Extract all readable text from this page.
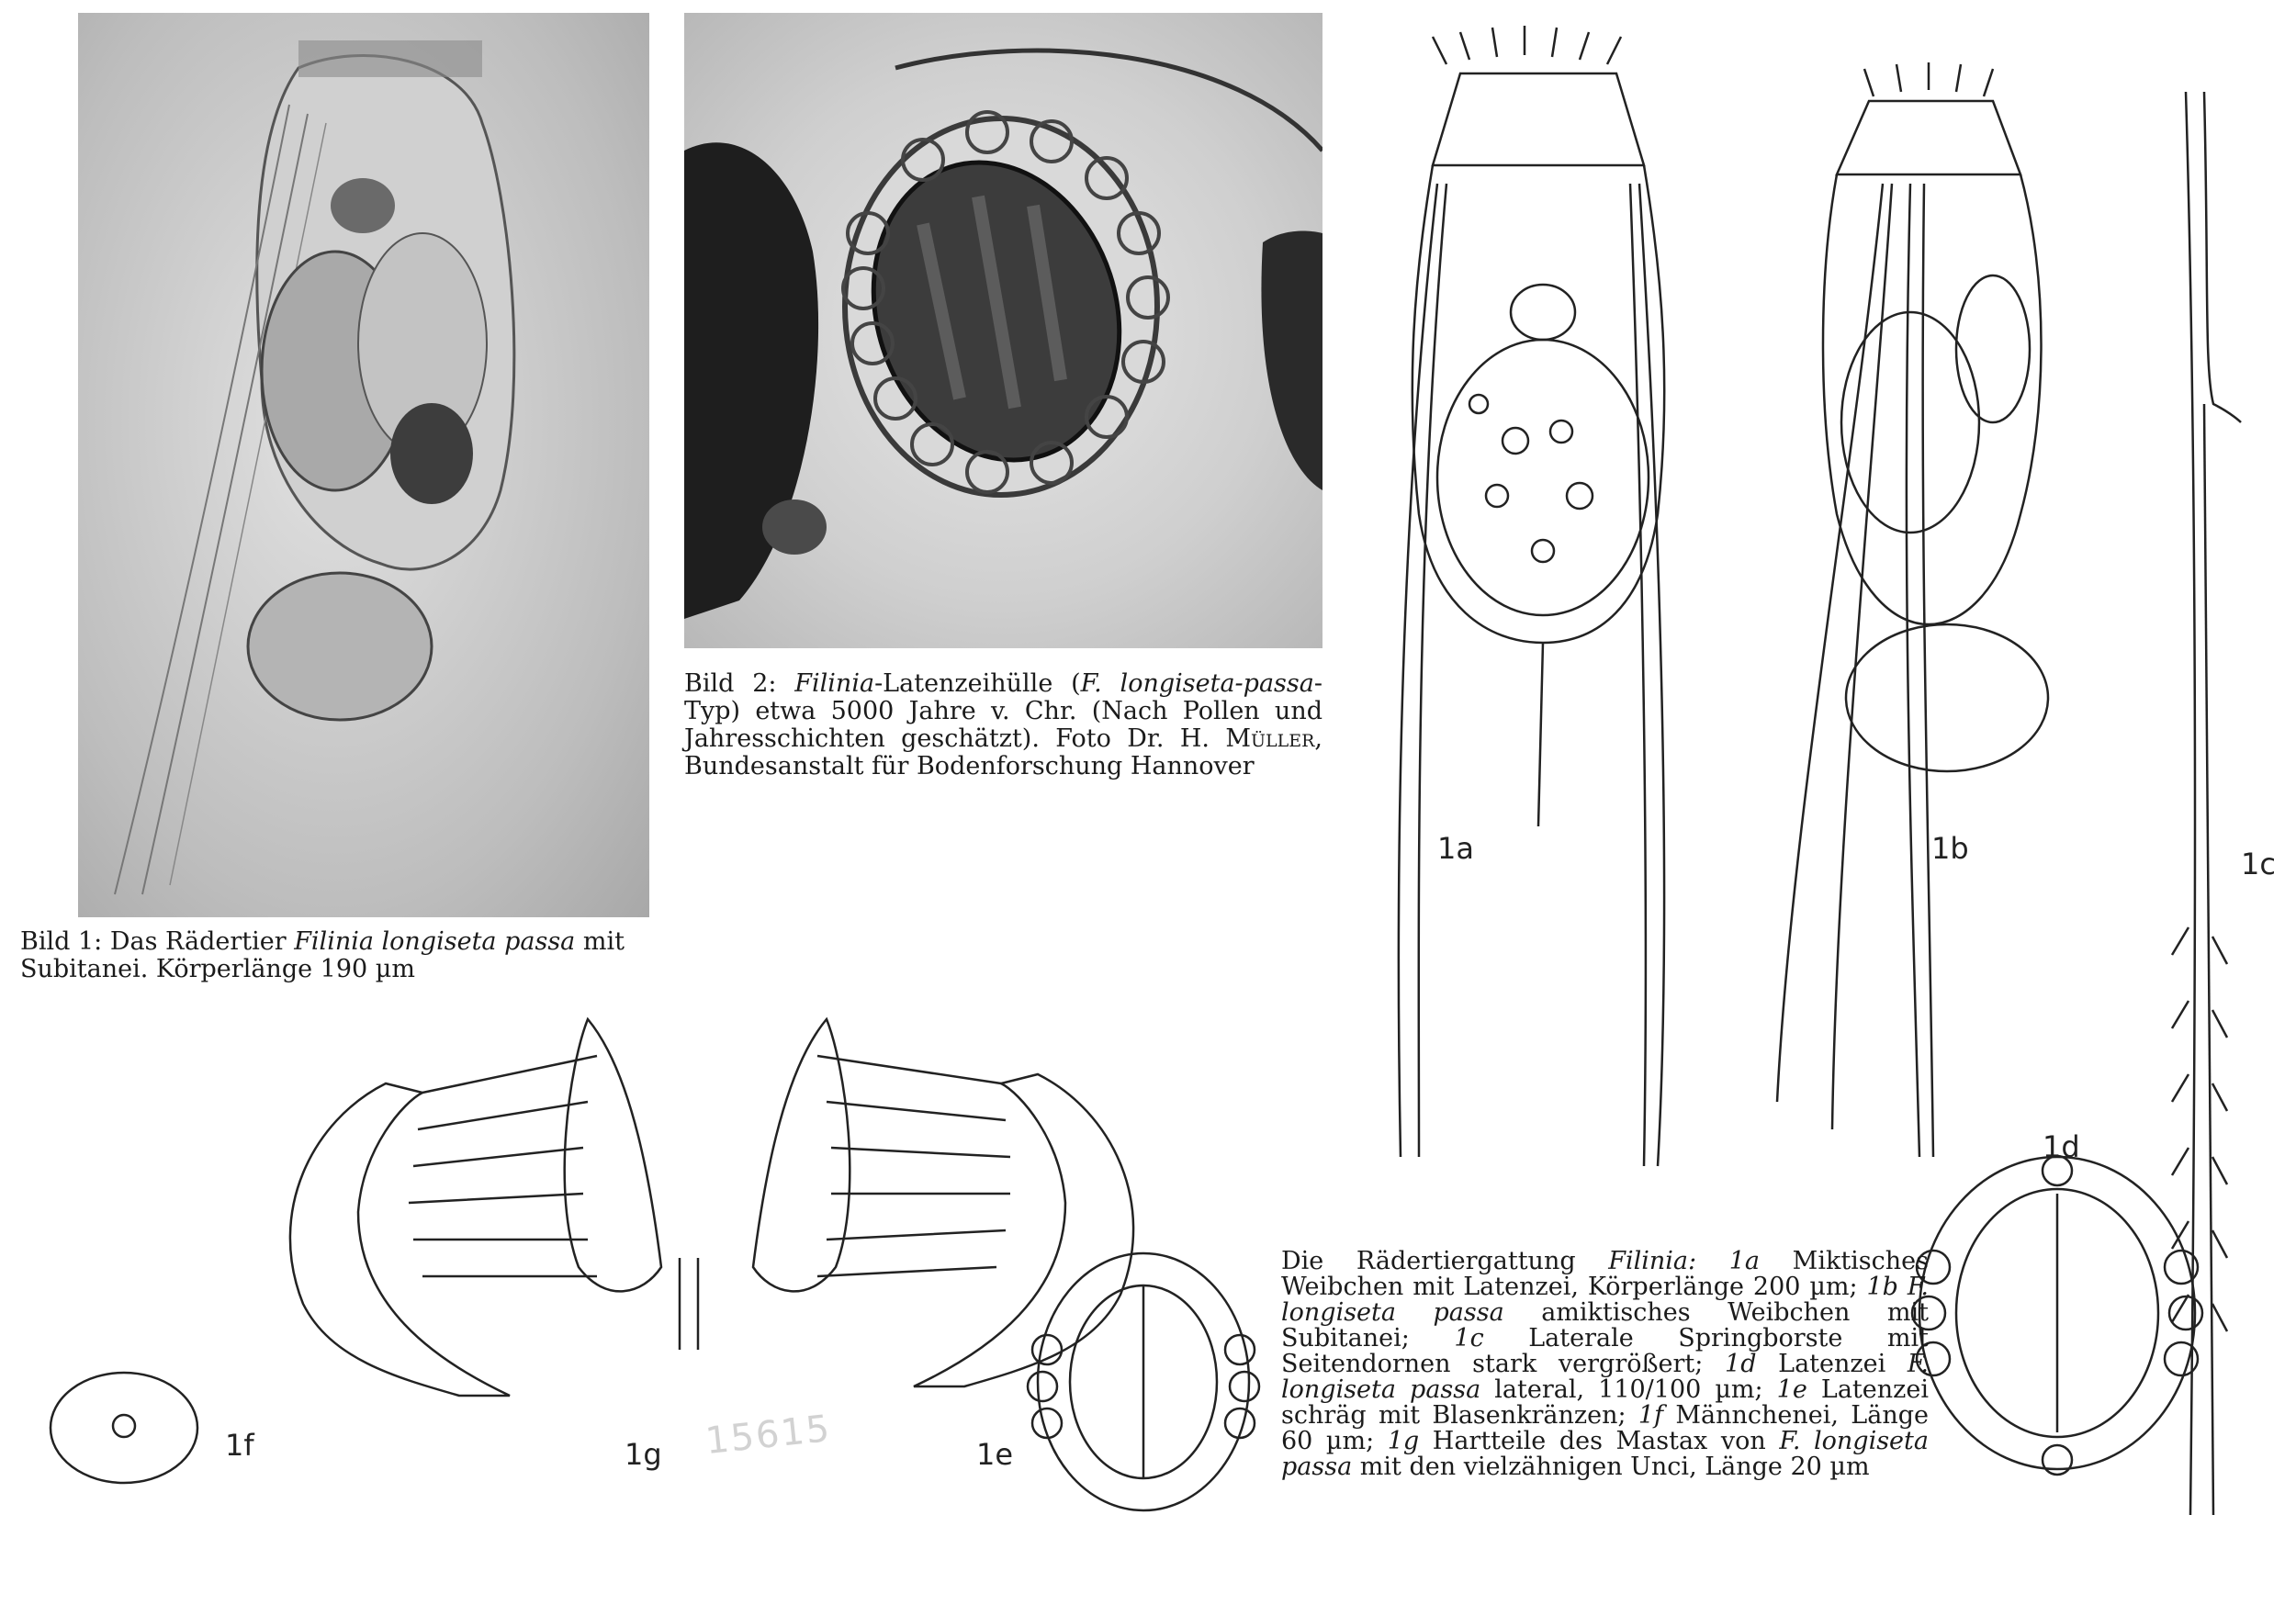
Bild 1: Das Rädertier Filinia longiseta passa mit Subitanei. Körperlänge 190 µm
Bild 2: Filinia-Latenzeihülle (F. longiseta-passa-Typ) etwa 5000 Jahre v. Chr. (Nach Pollen und Jahresschichten geschätzt). Foto Dr. H. Müller, Bundesanstalt für Bodenforschung Hannover
1a	1b	1c
1d
1e
1f	1g 15615
Die Rädertiergattung Filinia: 1a Miktisches Weibchen mit Latenzei, Körperlänge 200 µm; 1b F. longiseta passa amiktisches Weibchen mit Subitanei; 1c Laterale Springborste mit Seitendornen stark vergrößert; 1d Latenzei F. longiseta passa lateral, 110/100 µm; 1e Latenzei schräg mit Blasenkränzen; 1f Männchenei, Länge 60 µm; 1g Hartteile des Mastax von F. longiseta passa mit den vielzähnigen Unci, Länge 20 µm
